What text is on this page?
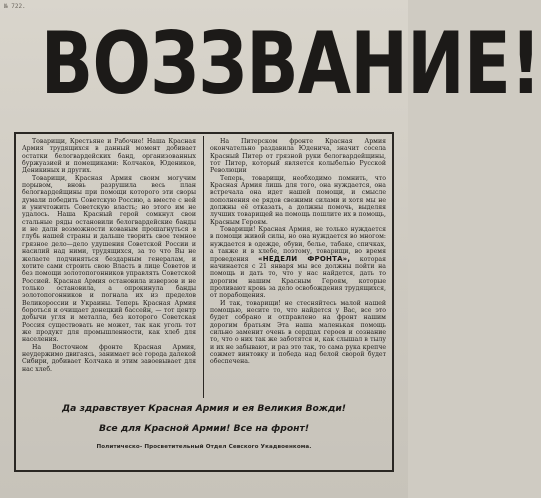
№ 722.
ВОЗЗВАНИЕ!

Товарищи, Крестьяне и Рабочие! Наша Красная Армия трудящихся в данный момент добивает остатки белогвардейских банд, организованных буржуазией и помещиками: Колчаков, Юдеников, Деникиных и других.

Товарищи, Красная Армия своим могучим порывом, вновь разрушила весь план белогвардейщины при помощи которого эти своры думали победить Советскую Россию, а вместе с ней и уничтожить Советскую власть; но этого им не удалось. Наша Красный герой сомкнул свои стальные ряды остановили белогвардейские банды и не дали возможности кованым прошагнуться в глубь нашей страны и дальше творить свое темное грязное дело—дело удушения Советской России и насилий над ними, трудящихся, за то что Вы не желаете подчиняться бездарным генералам, и хотите сами строить свою Власть в лице Советов и без помощи золотопогонников управлять Советской Россией. Красная Армия остановила изверзов и не только остановила, а опрокинула банды золотопогонников и погнала их из пределов Великороссии и Украины. Теперь Красная Армия бороться и очищает донецкий бассейн, — тот центр добычи угля и металла, без которого Советская Россия существовать не может, так как уголь тот же продукт для промышленности, как хлеб для населения.

На Восточном фронте Красная Армия, неудержимо двигаясь, занимает все города далекой Сибири, добивает Колчака и этим завоевывает для нас хлеб.

На Питерском фронте Красная Армия окончательно раздавила Юденича, значит сосела Красный Питер от грязной руки белогвардейщины, тот Питер, который является колыбелью Русской Революции

Теперь, товарищи, необходимо помнить, что Красная Армия лишь для того, она нуждается, она встречала она идет нашей помощи, и смысле пополнения ее рядов свежими силами и хотя мы не должны её отказать, а должны помочь, выделяя лучших товарищей на помощь пошлите их в помощь, Красным Героям.

Товарищи! Красная Армия, не только нуждается в помощи живой силы, но она нуждается во многом: нуждается в одежде, обуви, белье, табаке, спичках, а также и в хлебе, поэтому, товарищи, во время проведения «НЕДЕЛИ ФРОНТА», которая начинается с 21 января мы все должны пойти на помощь и дать то, что у нас найдется, дать то дорогим нашим Красным Героям, которые проливают кровь за дело освобождения трудящихся, от порабощения.

И так, товарищи! не стесняйтесь малой нашей помощью, несите то, что найдется у Вас, все это будет собрано и отправлено на фронт нашим дорогим братьям Эта наша маленькая помощь сильно заменит очень в сердцах героев и сознание то, что о них так же заботятся и, как слышал в тылу и их не забывают, и раз это так, то сама рука крепче сожмет винтовку и победа над белой сворой будет обеспечена.

Да здравствует Красная Армия и ея Великия Вожди!
Все для Красной Армии! Все на фронт!
Политическо- Просветительный Отдел Севского Укадвоенкома.
